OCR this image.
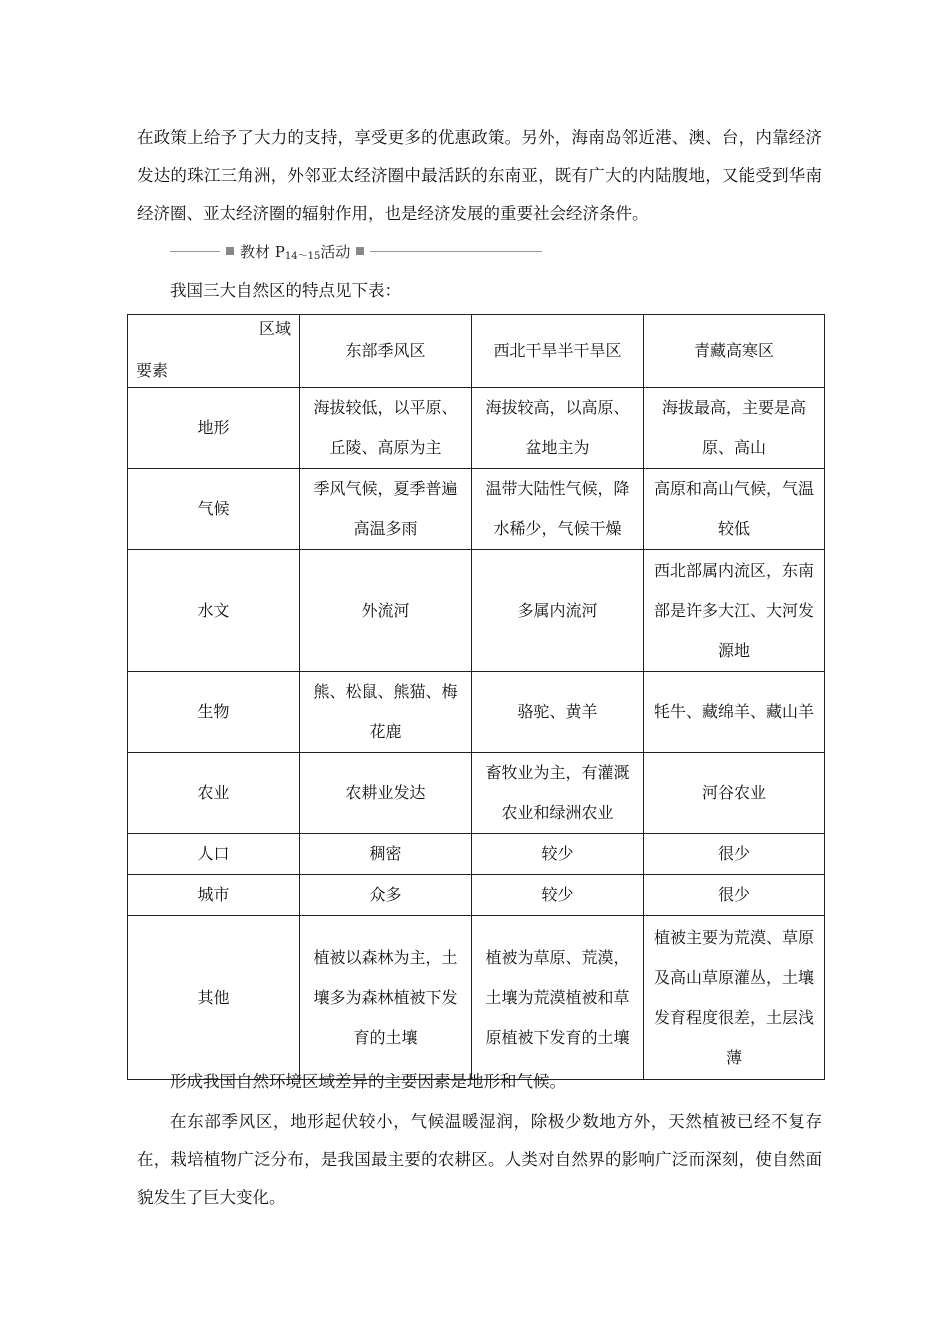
在政策上给予了大力的支持，享受更多的优惠政策。另外，海南岛邻近港、澳、台，内靠经济发达的珠江三角洲，外邻亚太经济圈中最活跃的东南亚，既有广大的内陆腹地，又能受到华南经济圈、亚太经济圈的辐射作用，也是经济发展的重要社会经济条件。

教材 $P_{14\sim 15}$活动

我国三大自然区的特点见下表：

区域
要素	东部季风区	西北干旱半干旱区	青藏高寒区
地形	海拔较低，以平原、丘陵、高原为主	海拔较高，以高原、盆地主为	海拔最高，主要是高原、高山
气候	季风气候，夏季普遍高温多雨	温带大陆性气候，降水稀少，气候干燥	高原和高山气候，气温较低
水文	外流河	多属内流河	西北部属内流区，东南部是许多大江、大河发源地
生物	熊、松鼠、熊猫、梅花鹿	骆驼、黄羊	牦牛、藏绵羊、藏山羊
农业	农耕业发达	畜牧业为主，有灌溉农业和绿洲农业	河谷农业
人口	稠密	较少	很少
城市	众多	较少	很少
其他	植被以森林为主，土壤多为森林植被下发育的土壤	植被为草原、荒漠，土壤为荒漠植被和草原植被下发育的土壤	植被主要为荒漠、草原及高山草原灌丛，土壤发育程度很差，土层浅薄

形成我国自然环境区域差异的主要因素是地形和气候。

在东部季风区，地形起伏较小，气候温暖湿润，除极少数地方外，天然植被已经不复存在，栽培植物广泛分布，是我国最主要的农耕区。人类对自然界的影响广泛而深刻，使自然面貌发生了巨大变化。
